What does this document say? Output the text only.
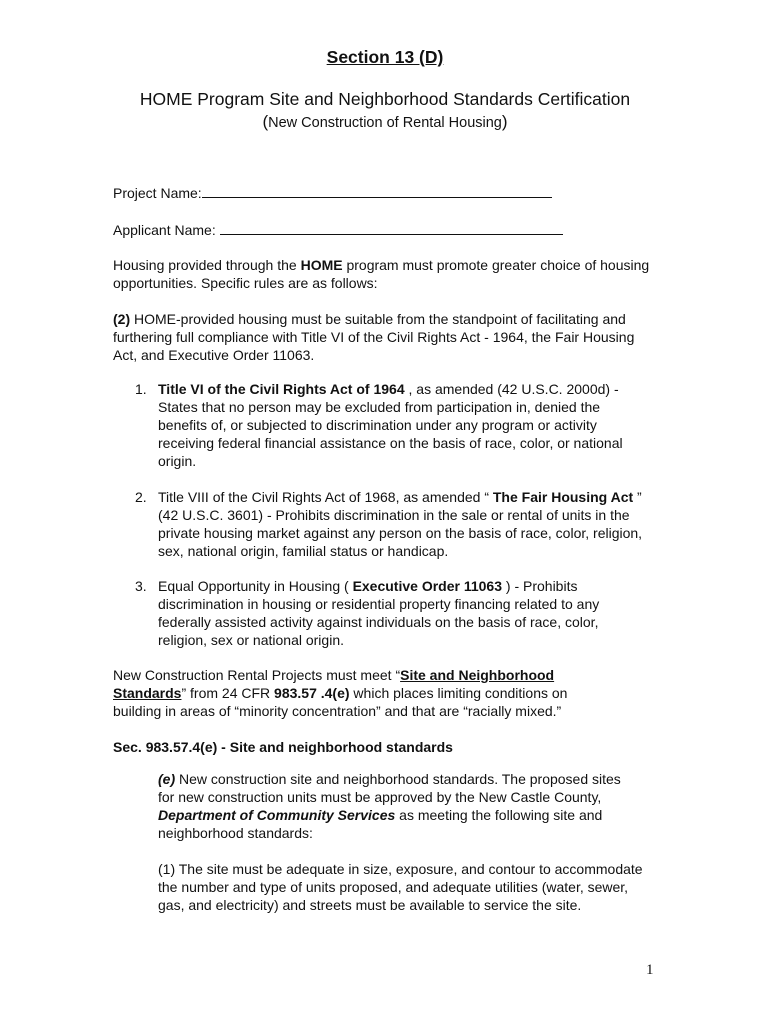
Section 13 (D)
HOME Program Site and Neighborhood Standards Certification
(New Construction of Rental Housing)
Project Name:
Applicant Name:
Housing provided through the HOME program must promote greater choice of housing opportunities. Specific rules are as follows:
(2) HOME-provided housing must be suitable from the standpoint of facilitating and furthering full compliance with Title VI of the Civil Rights Act - 1964, the Fair Housing Act, and Executive Order 11063.
1. Title VI of the Civil Rights Act of 1964 , as amended (42 U.S.C. 2000d) - States that no person may be excluded from participation in, denied the benefits of, or subjected to discrimination under any program or activity receiving federal financial assistance on the basis of race, color, or national origin.
2. Title VIII of the Civil Rights Act of 1968, as amended “ The Fair Housing Act ” (42 U.S.C. 3601) - Prohibits discrimination in the sale or rental of units in the private housing market against any person on the basis of race, color, religion, sex, national origin, familial status or handicap.
3. Equal Opportunity in Housing ( Executive Order 11063 ) - Prohibits discrimination in housing or residential property financing related to any federally assisted activity against individuals on the basis of race, color, religion, sex or national origin.
New Construction Rental Projects must meet “Site and Neighborhood Standards” from 24 CFR 983.57 .4(e) which places limiting conditions on building in areas of “minority concentration” and that are “racially mixed.”
Sec. 983.57.4(e) - Site and neighborhood standards
(e) New construction site and neighborhood standards. The proposed sites for new construction units must be approved by the New Castle County, Department of Community Services as meeting the following site and neighborhood standards:
(1) The site must be adequate in size, exposure, and contour to accommodate the number and type of units proposed, and adequate utilities (water, sewer, gas, and electricity) and streets must be available to service the site.
1
